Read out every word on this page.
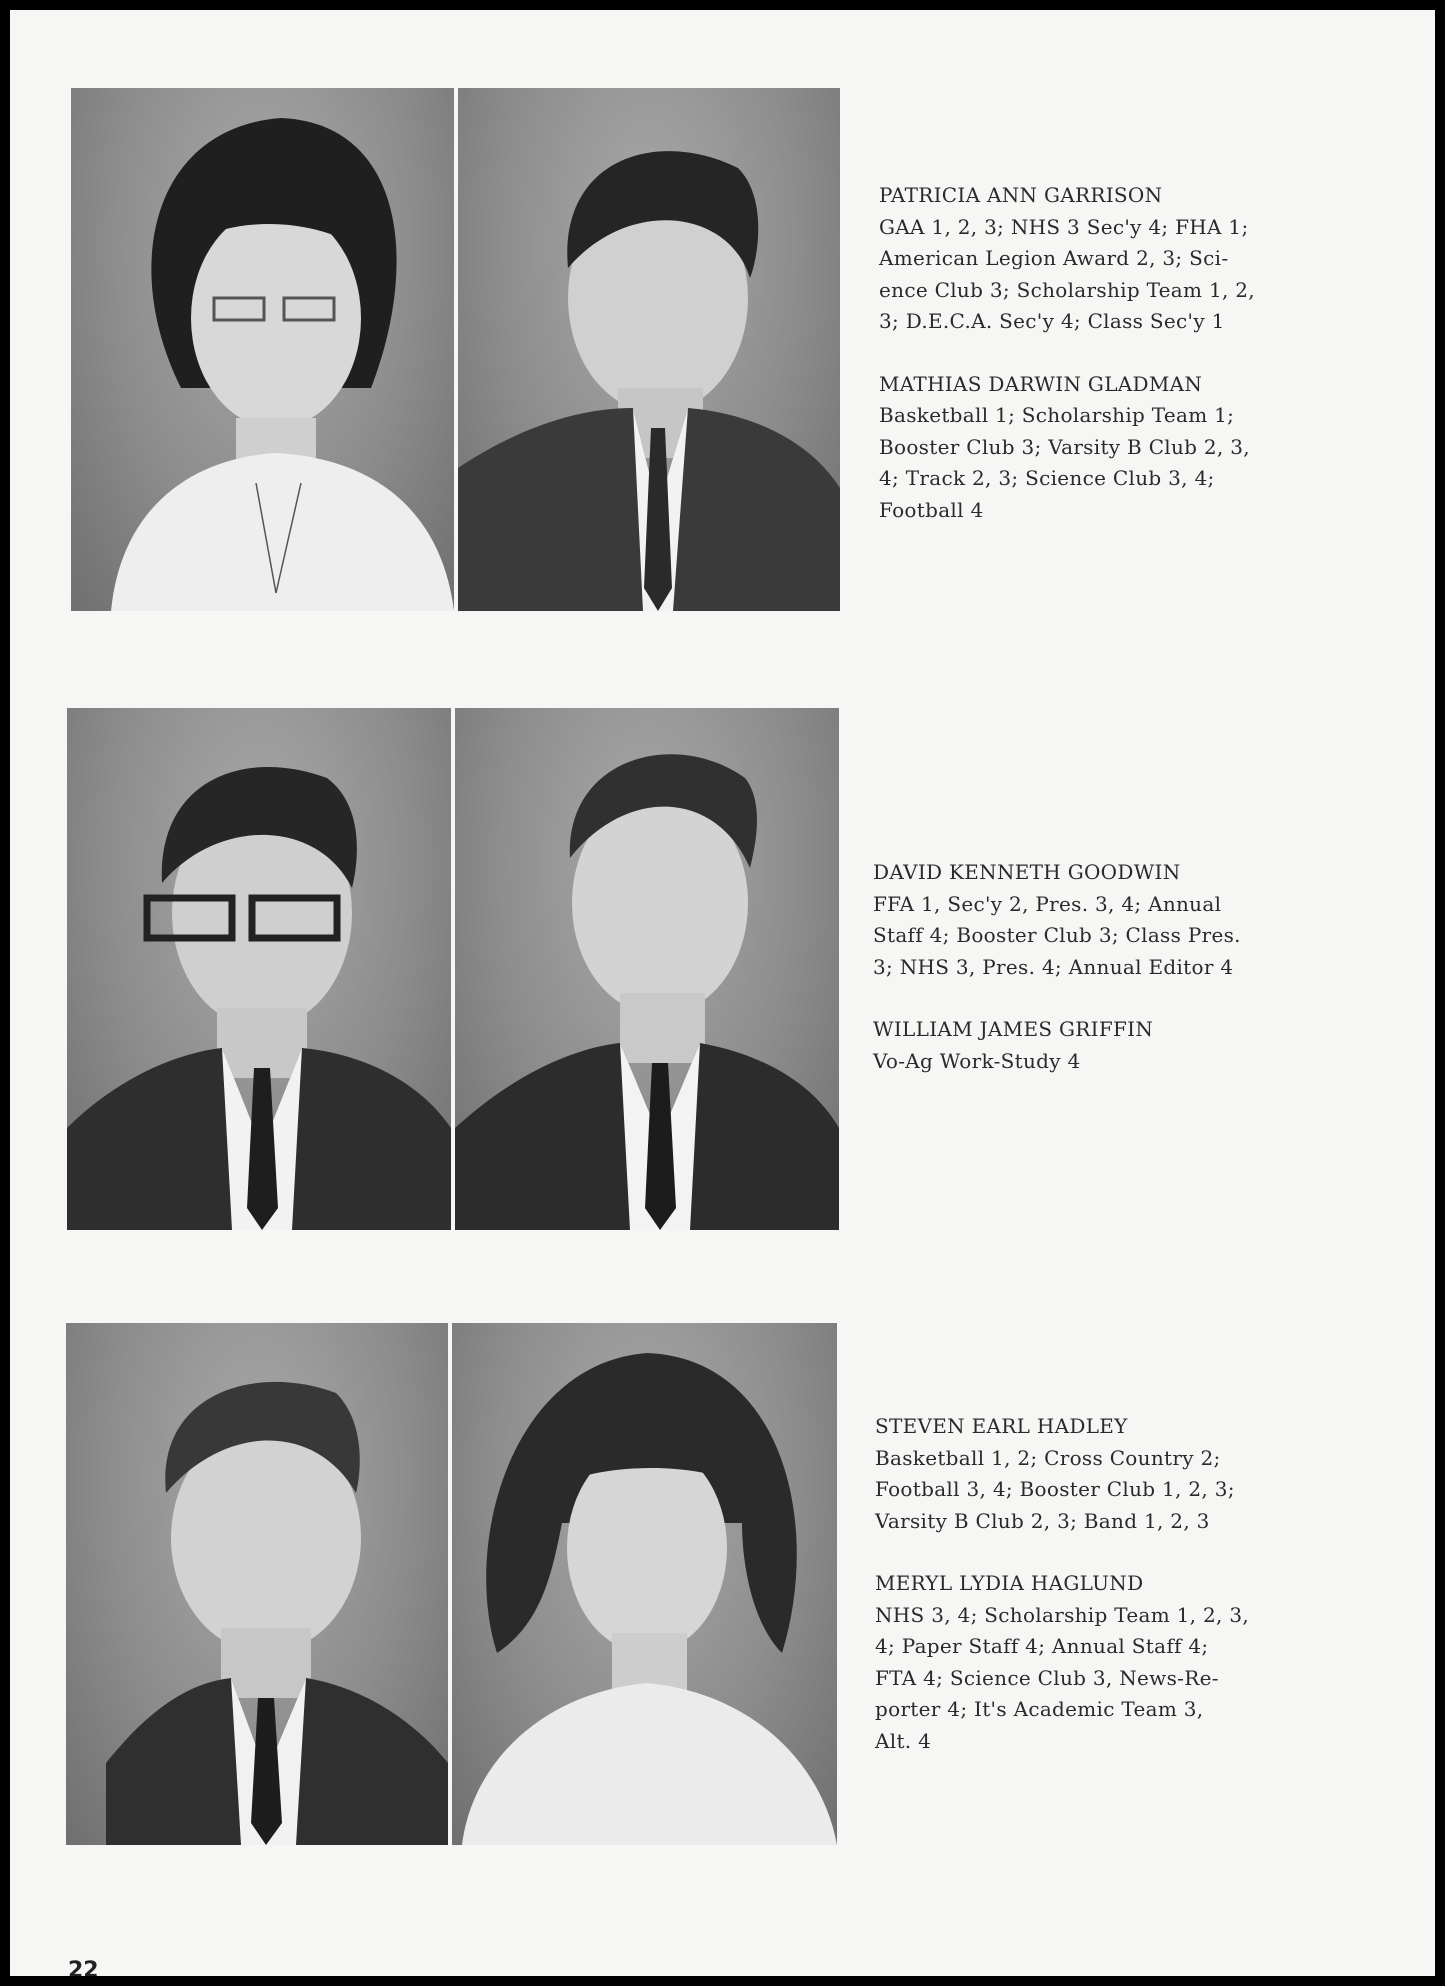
PATRICIA ANN GARRISON
GAA 1, 2, 3; NHS 3 Sec'y 4; FHA 1;
American Legion Award 2, 3; Sci-
ence Club 3; Scholarship Team 1, 2,
3; D.E.C.A. Sec'y 4; Class Sec'y 1
MATHIAS DARWIN GLADMAN
Basketball 1; Scholarship Team 1;
Booster Club 3; Varsity B Club 2, 3,
4; Track 2, 3; Science Club 3, 4;
Football 4
DAVID KENNETH GOODWIN
FFA 1, Sec'y 2, Pres. 3, 4; Annual
Staff 4; Booster Club 3; Class Pres.
3; NHS 3, Pres. 4; Annual Editor 4
WILLIAM JAMES GRIFFIN
Vo-Ag Work-Study 4
STEVEN EARL HADLEY
Basketball 1, 2; Cross Country 2;
Football 3, 4; Booster Club 1, 2, 3;
Varsity B Club 2, 3; Band 1, 2, 3
MERYL LYDIA HAGLUND
NHS 3, 4; Scholarship Team 1, 2, 3,
4; Paper Staff 4; Annual Staff 4;
FTA 4; Science Club 3, News-Re-
porter 4; It's Academic Team 3,
Alt. 4
22
